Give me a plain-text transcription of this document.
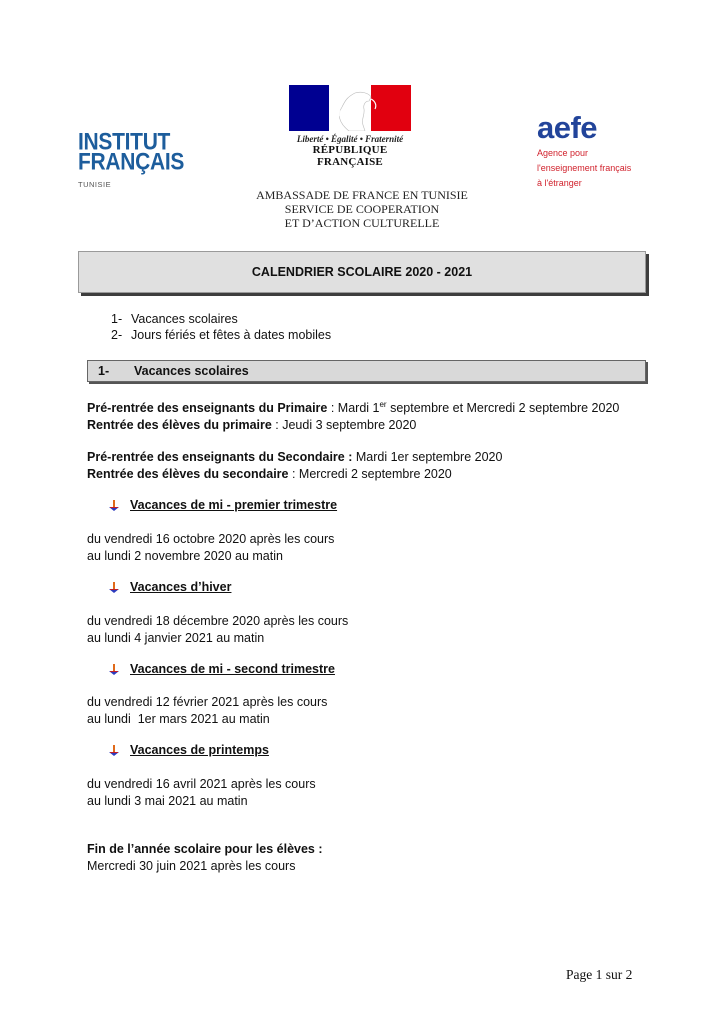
INSTITUT
FRANÇAIS
TUNISIE
Liberté • Égalité • Fraternité
RÉPUBLIQUE FRANÇAISE
aefe
Agence pour
l'enseignement français
à l'étranger
AMBASSADE DE FRANCE EN TUNISIE
SERVICE DE COOPERATION
ET D’ACTION CULTURELLE
CALENDRIER SCOLAIRE 2020 - 2021
1- Vacances scolaires
2- Jours fériés et fêtes à dates mobiles
1- Vacances scolaires
Pré-rentrée des enseignants du Primaire : Mardi 1er septembre et Mercredi 2 septembre 2020
Rentrée des élèves du primaire : Jeudi 3 septembre 2020
Pré-rentrée des enseignants du Secondaire : Mardi 1er septembre 2020
Rentrée des élèves du secondaire : Mercredi 2 septembre 2020
Vacances de mi - premier trimestre
du vendredi 16 octobre 2020 après les cours
au lundi 2 novembre 2020 au matin
Vacances d’hiver
du vendredi 18 décembre 2020 après les cours
au lundi 4 janvier 2021 au matin
Vacances de mi - second trimestre
du vendredi 12 février 2021 après les cours
au lundi  1er mars 2021 au matin
Vacances de printemps
du vendredi 16 avril 2021 après les cours
au lundi 3 mai 2021 au matin
Fin de l’année scolaire pour les élèves :
Mercredi 30 juin 2021 après les cours
Page 1 sur 2
